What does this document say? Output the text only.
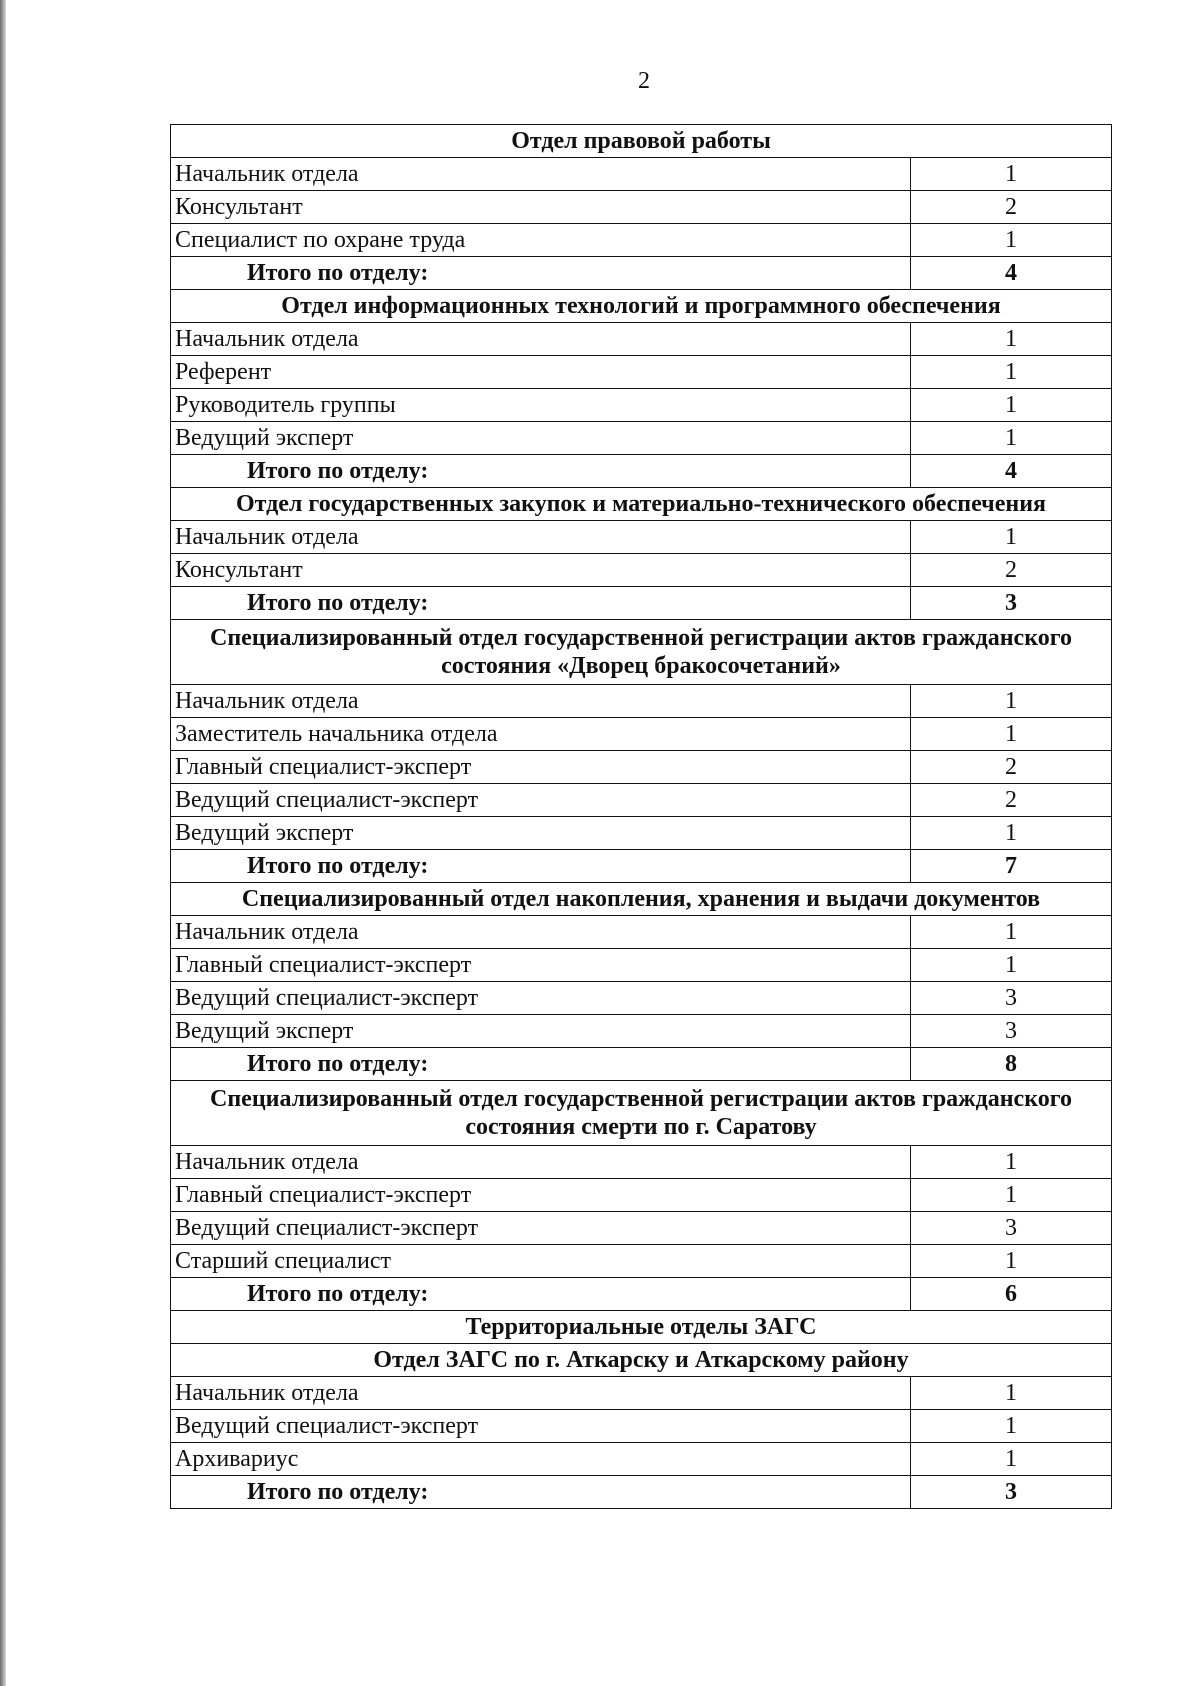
2
Отдел правовой работы	
Начальник отдела	1
Консультант	2
Специалист по охране труда	1
Итого по отделу:	4
Отдел информационных технологий и программного обеспечения	
Начальник отдела	1
Референт	1
Руководитель группы	1
Ведущий эксперт	1
Итого по отделу:	4
Отдел государственных закупок и материально-технического обеспечения	
Начальник отдела	1
Консультант	2
Итого по отделу:	3
Специализированный отдел государственной регистрации актов гражданского состояния «Дворец бракосочетаний»	
Начальник отдела	1
Заместитель начальника отдела	1
Главный специалист-эксперт	2
Ведущий специалист-эксперт	2
Ведущий эксперт	1
Итого по отделу:	7
Специализированный отдел накопления, хранения и выдачи документов	
Начальник отдела	1
Главный специалист-эксперт	1
Ведущий специалист-эксперт	3
Ведущий эксперт	3
Итого по отделу:	8
Специализированный отдел государственной регистрации актов гражданского состояния смерти по г. Саратову	
Начальник отдела	1
Главный специалист-эксперт	1
Ведущий специалист-эксперт	3
Старший специалист	1
Итого по отделу:	6
Территориальные отделы ЗАГС	
Отдел ЗАГС по г. Аткарску и Аткарскому району	
Начальник отдела	1
Ведущий специалист-эксперт	1
Архивариус	1
Итого по отделу:	3
